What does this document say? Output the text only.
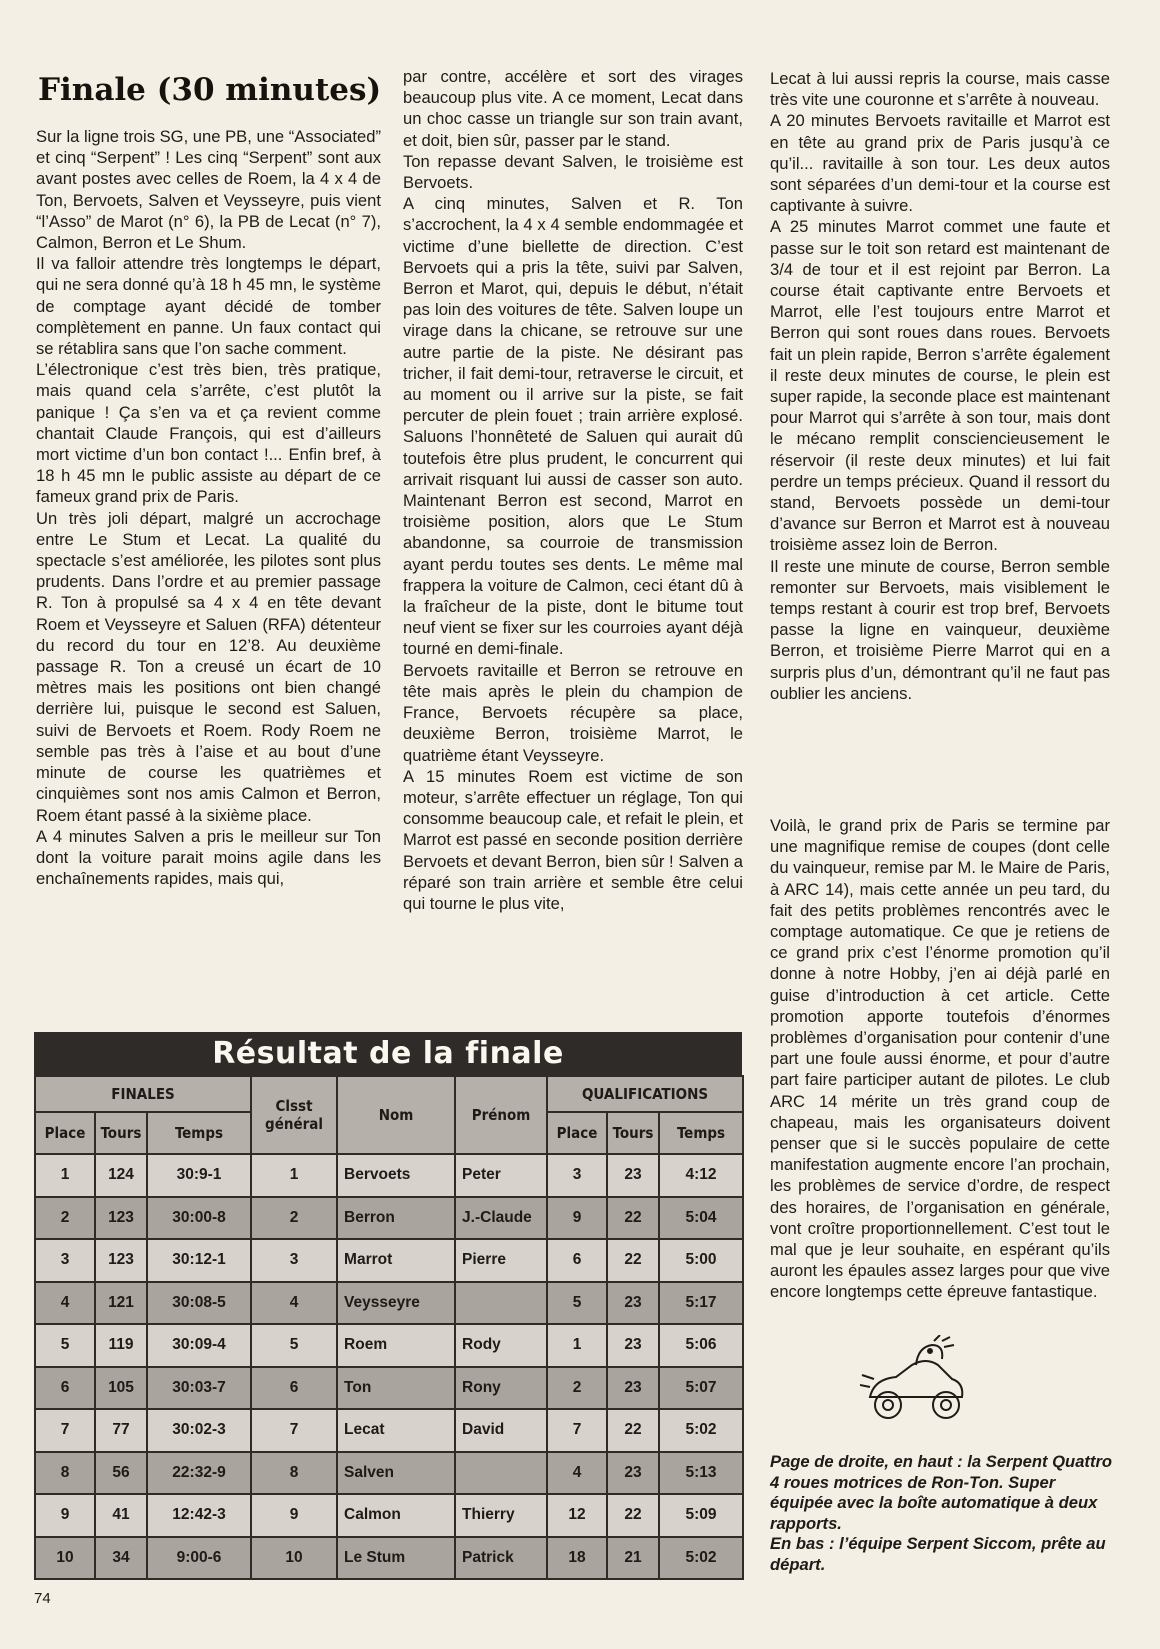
Finale (30 minutes)

Sur la ligne trois SG, une PB, une “Associated” et cinq “Serpent” ! Les cinq “Serpent” sont aux avant postes avec celles de Roem, la 4 x 4 de Ton, Bervoets, Salven et Veysseyre, puis vient “l’Asso” de Marot (n° 6), la PB de Lecat (n° 7), Calmon, Berron et Le Shum.

Il va falloir attendre très longtemps le départ, qui ne sera donné qu’à 18 h 45 mn, le système de comptage ayant décidé de tomber complètement en panne. Un faux contact qui se rétablira sans que l’on sache comment.

L’électronique c’est très bien, très pratique, mais quand cela s’arrête, c’est plutôt la panique ! Ça s’en va et ça revient comme chantait Claude François, qui est d’ailleurs mort victime d’un bon contact !... Enfin bref, à 18 h 45 mn le public assiste au départ de ce fameux grand prix de Paris.

Un très joli départ, malgré un accrochage entre Le Stum et Lecat. La qualité du spectacle s’est améliorée, les pilotes sont plus prudents. Dans l’ordre et au premier passage R. Ton à propulsé sa 4 x 4 en tête devant Roem et Veysseyre et Saluen (RFA) détenteur du record du tour en 12’8. Au deuxième passage R. Ton a creusé un écart de 10 mètres mais les positions ont bien changé derrière lui, puisque le second est Saluen, suivi de Bervoets et Roem. Rody Roem ne semble pas très à l’aise et au bout d’une minute de course les quatrièmes et cinquièmes sont nos amis Calmon et Berron, Roem étant passé à la sixième place.

A 4 minutes Salven a pris le meilleur sur Ton dont la voiture parait moins agile dans les enchaînements rapides, mais qui,

par contre, accélère et sort des virages beaucoup plus vite. A ce moment, Lecat dans un choc casse un triangle sur son train avant, et doit, bien sûr, passer par le stand.

Ton repasse devant Salven, le troisième est Bervoets.

A cinq minutes, Salven et R. Ton s’accrochent, la 4 x 4 semble endommagée et victime d’une biellette de direction. C’est Bervoets qui a pris la tête, suivi par Salven, Berron et Marot, qui, depuis le début, n’était pas loin des voitures de tête. Salven loupe un virage dans la chicane, se retrouve sur une autre partie de la piste. Ne désirant pas tricher, il fait demi-tour, retraverse le circuit, et au moment ou il arrive sur la piste, se fait percuter de plein fouet ; train arrière explosé. Saluons l’honnêteté de Saluen qui aurait dû toutefois être plus prudent, le concurrent qui arrivait risquant lui aussi de casser son auto. Maintenant Berron est second, Marrot en troisième position, alors que Le Stum abandonne, sa courroie de transmission ayant perdu toutes ses dents. Le même mal frappera la voiture de Calmon, ceci étant dû à la fraîcheur de la piste, dont le bitume tout neuf vient se fixer sur les courroies ayant déjà tourné en demi-finale.

Bervoets ravitaille et Berron se retrouve en tête mais après le plein du champion de France, Bervoets récupère sa place, deuxième Berron, troisième Marrot, le quatrième étant Veysseyre.

A 15 minutes Roem est victime de son moteur, s’arrête effectuer un réglage, Ton qui consomme beaucoup cale, et refait le plein, et Marrot est passé en seconde position derrière Bervoets et devant Berron, bien sûr ! Salven a réparé son train arrière et semble être celui qui tourne le plus vite,

Lecat à lui aussi repris la course, mais casse très vite une couronne et s’arrête à nouveau.

A 20 minutes Bervoets ravitaille et Marrot est en tête au grand prix de Paris jusqu’à ce qu’il... ravitaille à son tour. Les deux autos sont séparées d’un demi-tour et la course est captivante à suivre.

A 25 minutes Marrot commet une faute et passe sur le toit son retard est maintenant de 3/4 de tour et il est rejoint par Berron. La course était captivante entre Bervoets et Marrot, elle l’est toujours entre Marrot et Berron qui sont roues dans roues. Bervoets fait un plein rapide, Berron s’arrête également il reste deux minutes de course, le plein est super rapide, la seconde place est maintenant pour Marrot qui s’arrête à son tour, mais dont le mécano remplit consciencieusement le réservoir (il reste deux minutes) et lui fait perdre un temps précieux. Quand il ressort du stand, Bervoets possède un demi-tour d’avance sur Berron et Marrot est à nouveau troisième assez loin de Berron.

Il reste une minute de course, Berron semble remonter sur Bervoets, mais visiblement le temps restant à courir est trop bref, Bervoets passe la ligne en vainqueur, deuxième Berron, et troisième Pierre Marrot qui en a surpris plus d’un, démontrant qu’il ne faut pas oublier les anciens.

Voilà, le grand prix de Paris se termine par une magnifique remise de coupes (dont celle du vainqueur, remise par M. le Maire de Paris, à ARC 14), mais cette année un peu tard, du fait des petits problèmes rencontrés avec le comptage automatique. Ce que je retiens de ce grand prix c’est l’énorme promotion qu’il donne à notre Hobby, j’en ai déjà parlé en guise d’introduction à cet article. Cette promotion apporte toutefois d’énormes problèmes d’organisation pour contenir d’une part une foule aussi énorme, et pour d’autre part faire participer autant de pilotes. Le club ARC 14 mérite un très grand coup de chapeau, mais les organisateurs doivent penser que si le succès populaire de cette manifestation augmente encore l’an prochain, les problèmes de service d’ordre, de respect des horaires, de l’organisation en générale, vont croître proportionnellement. C’est tout le mal que je leur souhaite, en espérant qu’ils auront les épaules assez larges pour que vive encore longtemps cette épreuve fantastique.

Résultat de la finale
FINALES			Clsst général	Nom	Prénom	QUALIFICATIONS		
Place	Tours	Temps				Place	Tours	Temps
1	124	30:9-1	1	Bervoets	Peter	3	23	4:12
2	123	30:00-8	2	Berron	J.-Claude	9	22	5:04
3	123	30:12-1	3	Marrot	Pierre	6	22	5:00
4	121	30:08-5	4	Veysseyre		5	23	5:17
5	119	30:09-4	5	Roem	Rody	1	23	5:06
6	105	30:03-7	6	Ton	Rony	2	23	5:07
7	77	30:02-3	7	Lecat	David	7	22	5:02
8	56	22:32-9	8	Salven		4	23	5:13
9	41	12:42-3	9	Calmon	Thierry	12	22	5:09
10	34	9:00-6	10	Le Stum	Patrick	18	21	5:02

Page de droite, en haut : la Serpent Quattro 4 roues motrices de Ron-Ton. Super équipée avec la boîte automatique à deux rapports.

En bas : l’équipe Serpent Siccom, prête au départ.

74
